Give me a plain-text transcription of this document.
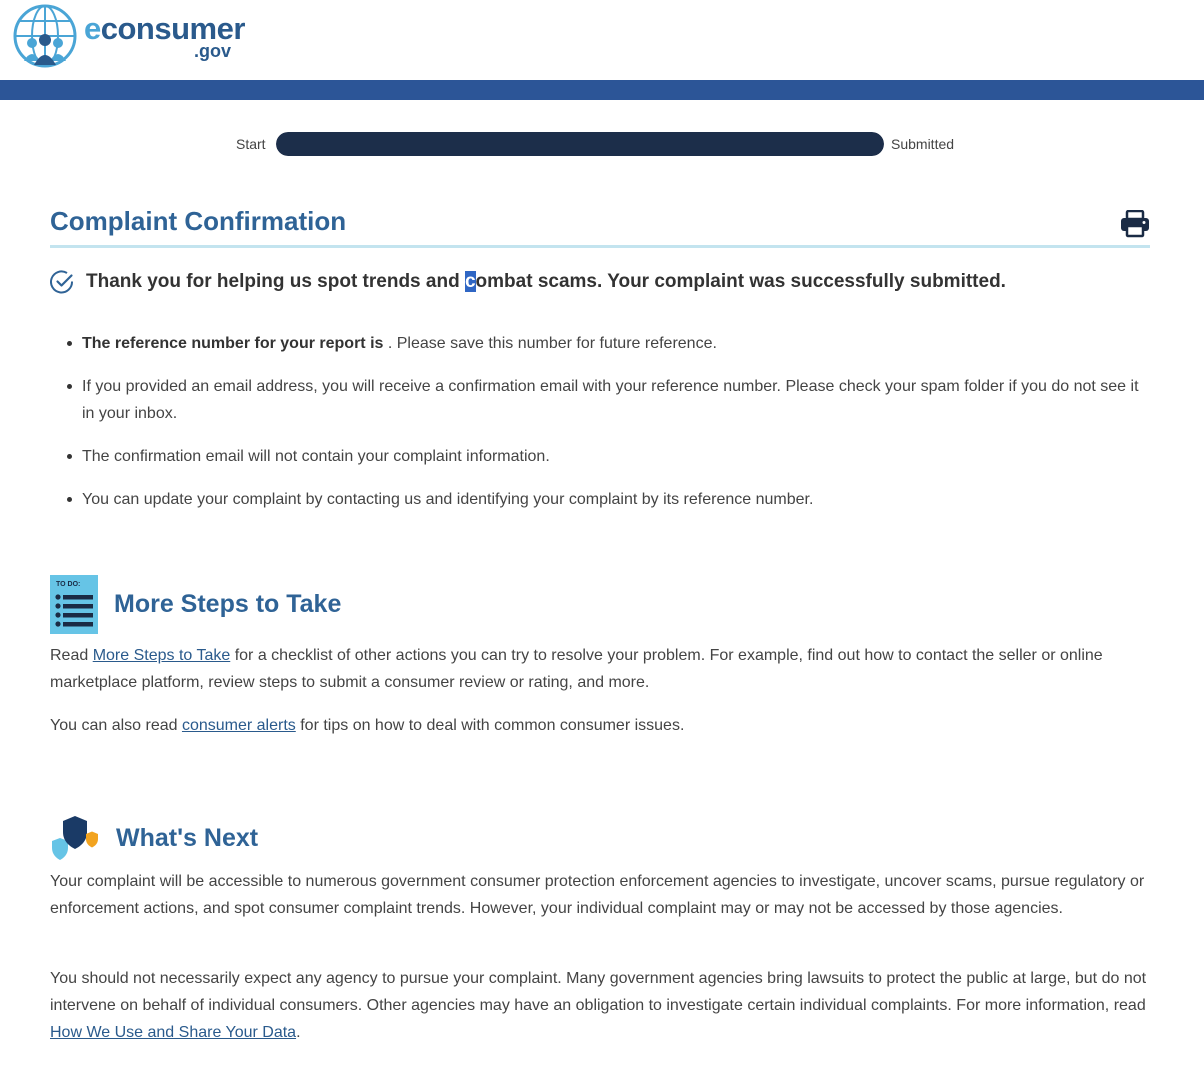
econsumer
.gov
Start	Submitted
Complaint Confirmation

Thank you for helping us spot trends and combat scams. Your complaint was successfully submitted.

The reference number for your report is . Please save this number for future reference.
If you provided an email address, you will receive a confirmation email with your reference number. Please check your spam folder if you do not see it in your inbox.
The confirmation email will not contain your complaint information.
You can update your complaint by contacting us and identifying your complaint by its reference number.
TO DO:
More Steps to Take

Read More Steps to Take for a checklist of other actions you can try to resolve your problem. For example, find out how to contact the seller or online marketplace platform, review steps to submit a consumer review or rating, and more.

You can also read consumer alerts for tips on how to deal with common consumer issues.

What's Next

Your complaint will be accessible to numerous government consumer protection enforcement agencies to investigate, uncover scams, pursue regulatory or enforcement actions, and spot consumer complaint trends. However, your individual complaint may or may not be accessed by those agencies.

You should not necessarily expect any agency to pursue your complaint. Many government agencies bring lawsuits to protect the public at large, but do not intervene on behalf of individual consumers. Other agencies may have an obligation to investigate certain individual complaints. For more information, read How We Use and Share Your Data.
